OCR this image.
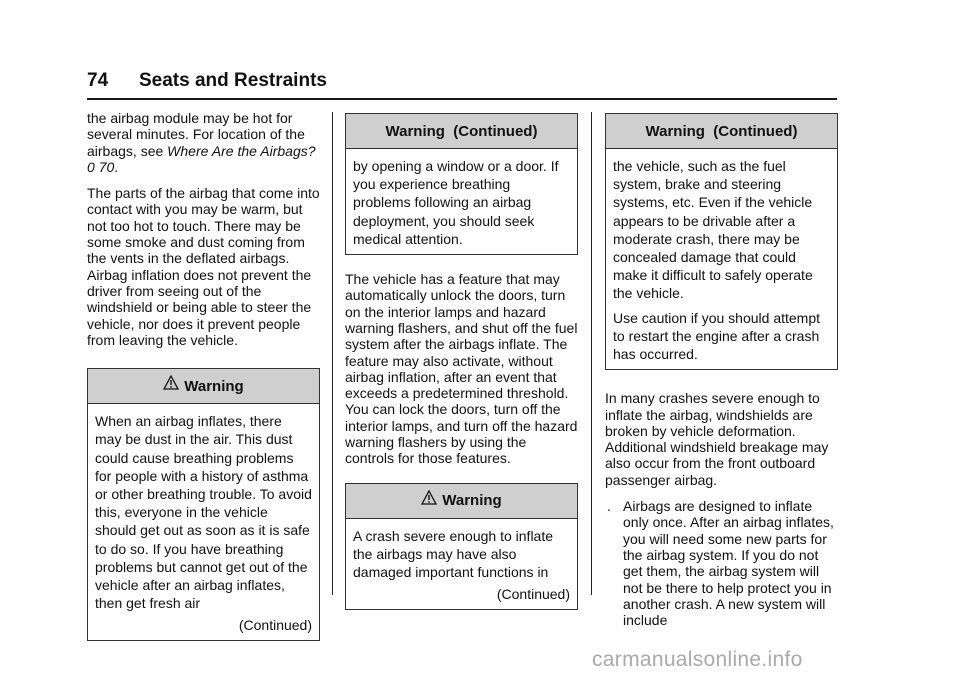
74 Seats and Restraints

the airbag module may be hot for several minutes. For location of the airbags, see Where Are the Airbags? 0 70.

The parts of the airbag that come into contact with you may be warm, but not too hot to touch. There may be some smoke and dust coming from the vents in the deflated airbags. Airbag inflation does not prevent the driver from seeing out of the windshield or being able to steer the vehicle, nor does it prevent people from leaving the vehicle.

Warning

When an airbag inflates, there may be dust in the air. This dust could cause breathing problems for people with a history of asthma or other breathing trouble. To avoid this, everyone in the vehicle should get out as soon as it is safe to do so. If you have breathing problems but cannot get out of the vehicle after an airbag inflates, then get fresh air

(Continued)
Warning  (Continued)

by opening a window or a door. If you experience breathing problems following an airbag deployment, you should seek medical attention.

The vehicle has a feature that may automatically unlock the doors, turn on the interior lamps and hazard warning flashers, and shut off the fuel system after the airbags inflate. The feature may also activate, without airbag inflation, after an event that exceeds a predetermined threshold. You can lock the doors, turn off the interior lamps, and turn off the hazard warning flashers by using the controls for those features.

Warning

A crash severe enough to inflate the airbags may have also damaged important functions in

(Continued)
Warning  (Continued)

the vehicle, such as the fuel system, brake and steering systems, etc. Even if the vehicle appears to be drivable after a moderate crash, there may be concealed damage that could make it difficult to safely operate the vehicle.

Use caution if you should attempt to restart the engine after a crash has occurred.

In many crashes severe enough to inflate the airbag, windshields are broken by vehicle deformation. Additional windshield breakage may also occur from the front outboard passenger airbag.

. Airbags are designed to inflate only once. After an airbag inflates, you will need some new parts for the airbag system. If you do not get them, the airbag system will not be there to help protect you in another crash. A new system will include
carmanualsonline.info
